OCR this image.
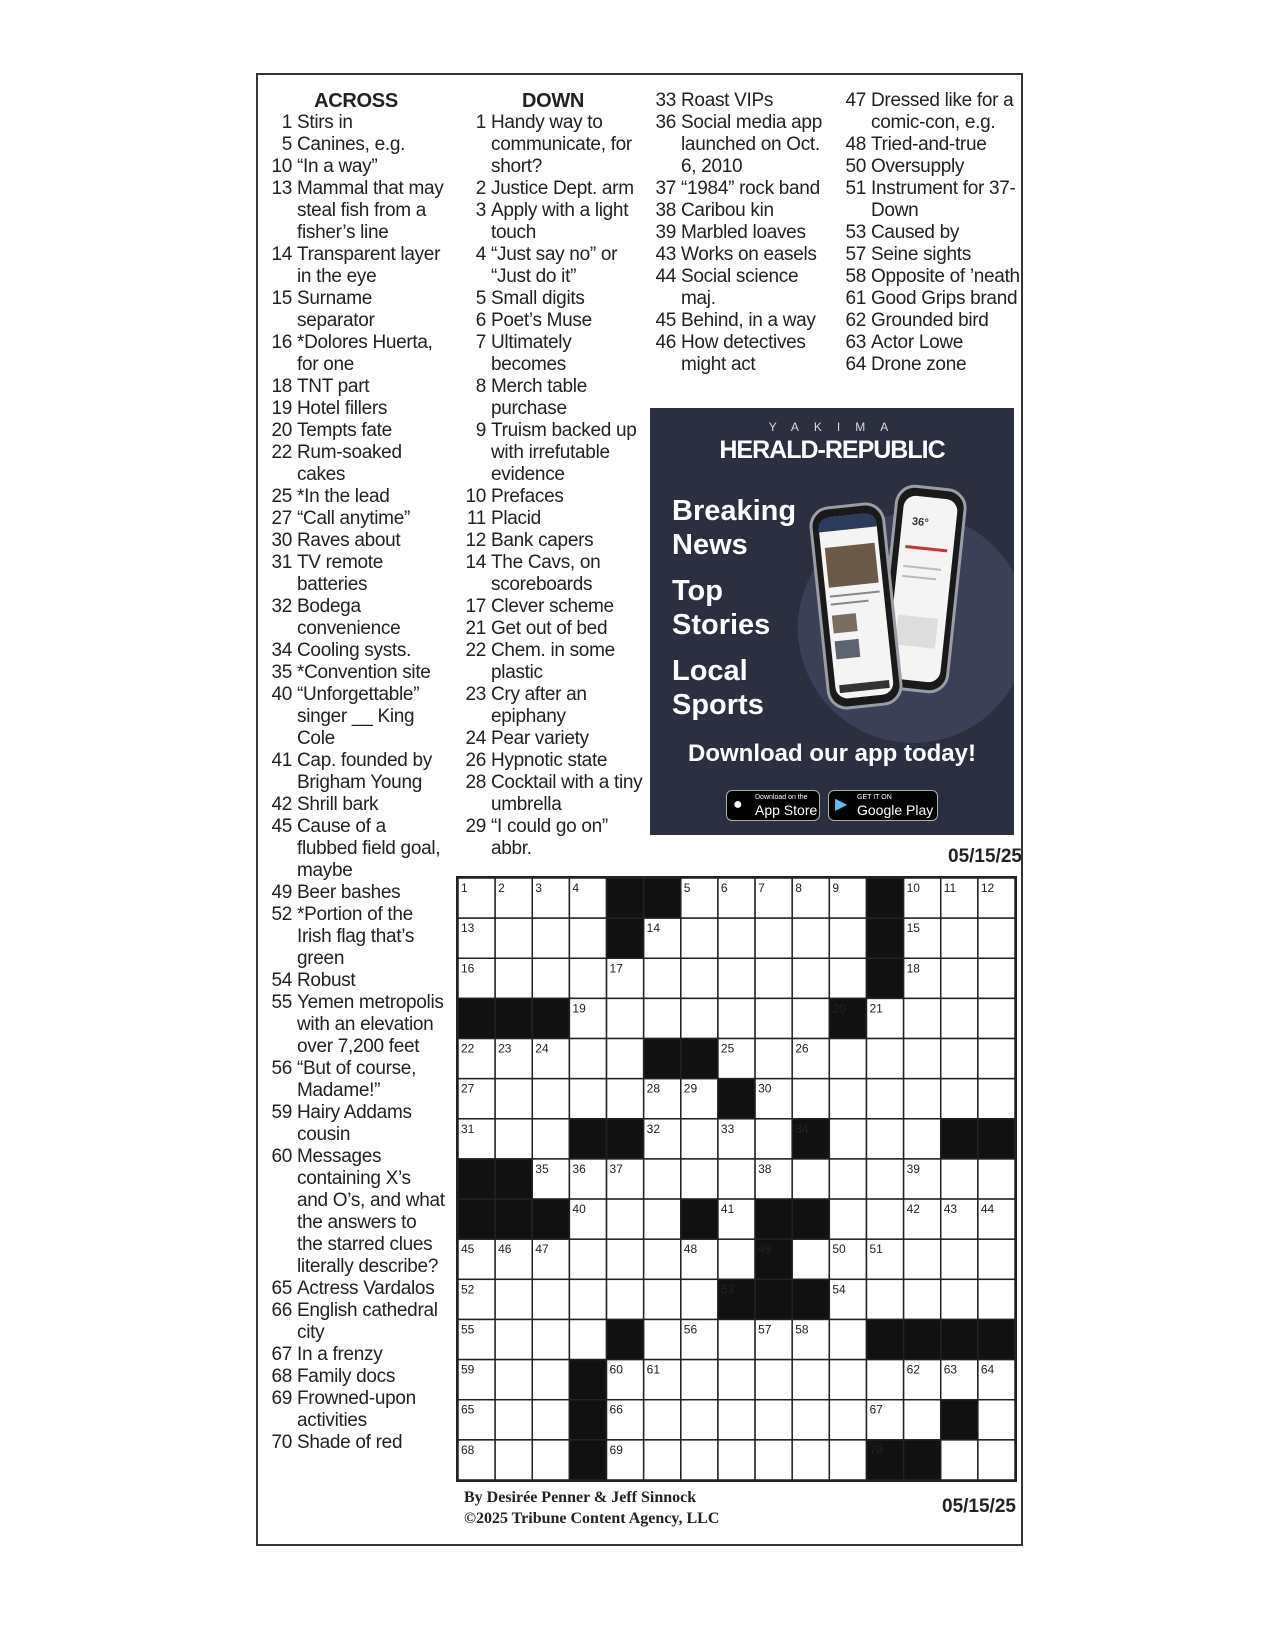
ACROSS
1 Stirs in
5 Canines, e.g.
10 “In a way”
13 Mammal that may steal fish from a fisher’s line
14 Transparent layer in the eye
15 Surname separator
16 *Dolores Huerta, for one
18 TNT part
19 Hotel fillers
20 Tempts fate
22 Rum-soaked cakes
25 *In the lead
27 “Call anytime”
30 Raves about
31 TV remote batteries
32 Bodega convenience
34 Cooling systs.
35 *Convention site
40 “Unforgettable” singer __ King Cole
41 Cap. founded by Brigham Young
42 Shrill bark
45 Cause of a flubbed field goal, maybe
49 Beer bashes
52 *Portion of the Irish flag that’s green
54 Robust
55 Yemen metropolis with an elevation over 7,200 feet
56 “But of course, Madame!”
59 Hairy Addams cousin
60 Messages containing X’s and O’s, and what the answers to the starred clues literally describe?
65 Actress Vardalos
66 English cathedral city
67 In a frenzy
68 Family docs
69 Frowned-upon activities
70 Shade of red
DOWN
1 Handy way to communicate, for short?
2 Justice Dept. arm
3 Apply with a light touch
4 “Just say no” or “Just do it”
5 Small digits
6 Poet’s Muse
7 Ultimately becomes
8 Merch table purchase
9 Truism backed up with irrefutable evidence
10 Prefaces
11 Placid
12 Bank capers
14 The Cavs, on scoreboards
17 Clever scheme
21 Get out of bed
22 Chem. in some plastic
23 Cry after an epiphany
24 Pear variety
26 Hypnotic state
28 Cocktail with a tiny umbrella
29 “I could go on” abbr.
33 Roast VIPs
36 Social media app launched on Oct. 6, 2010
37 “1984” rock band
38 Caribou kin
39 Marbled loaves
43 Works on easels
44 Social science maj.
45 Behind, in a way
46 How detectives might act
47 Dressed like for a comic-con, e.g.
48 Tried-and-true
50 Oversupply
51 Instrument for 37-Down
53 Caused by
57 Seine sights
58 Opposite of ’neath
61 Good Grips brand
62 Grounded bird
63 Actor Lowe
64 Drone zone
YAKIMA
HERALD-REPUBLIC
Breaking
News
Top
Stories
Local
Sports
36°
Download our app today!
● Download on the
App Store ▶ GET IT ON
Google Play
05/15/25
1	2	3	4	5	6	7	8	9	10 11 12
13	14	15
16	17	18
19	20 21
22 23 24	25	26
27	28 29	30
31	32	33	34
35 36 37	38	39
40	41	42 43 44
45 46 47	48	49	50 51
52	53	54
55	56	57 58
59	60 61	62 63 64
65	66	67
68	69	70
By Desirée Penner & Jeff Sinnock
©2025 Tribune Content Agency, LLC
05/15/25
